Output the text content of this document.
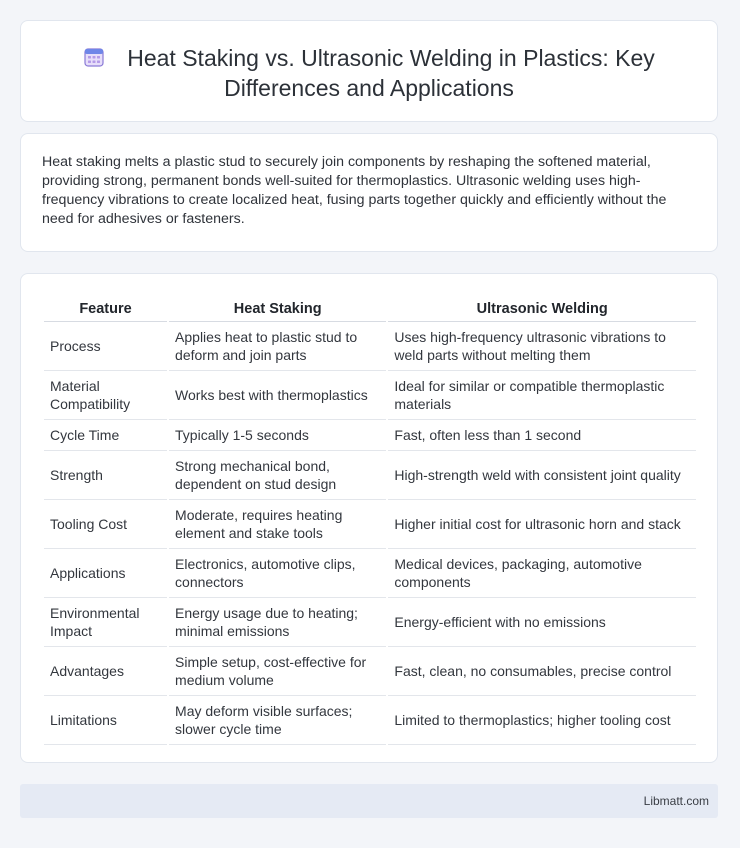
Heat Staking vs. Ultrasonic Welding in Plastics: Key Differences and Applications

Heat staking melts a plastic stud to securely join components by reshaping the softened material, providing strong, permanent bonds well-suited for thermoplastics. Ultrasonic welding uses high-frequency vibrations to create localized heat, fusing parts together quickly and efficiently without the need for adhesives or fasteners.

Feature	Heat Staking	Ultrasonic Welding
Process	Applies heat to plastic stud to deform and join parts	Uses high-frequency ultrasonic vibrations to weld parts without melting them
Material Compatibility	Works best with thermoplastics	Ideal for similar or compatible thermoplastic materials
Cycle Time	Typically 1-5 seconds	Fast, often less than 1 second
Strength	Strong mechanical bond, dependent on stud design	High-strength weld with consistent joint quality
Tooling Cost	Moderate, requires heating element and stake tools	Higher initial cost for ultrasonic horn and stack
Applications	Electronics, automotive clips, connectors	Medical devices, packaging, automotive components
Environmental Impact	Energy usage due to heating; minimal emissions	Energy-efficient with no emissions
Advantages	Simple setup, cost-effective for medium volume	Fast, clean, no consumables, precise control
Limitations	May deform visible surfaces; slower cycle time	Limited to thermoplastics; higher tooling cost
Libmatt.com
